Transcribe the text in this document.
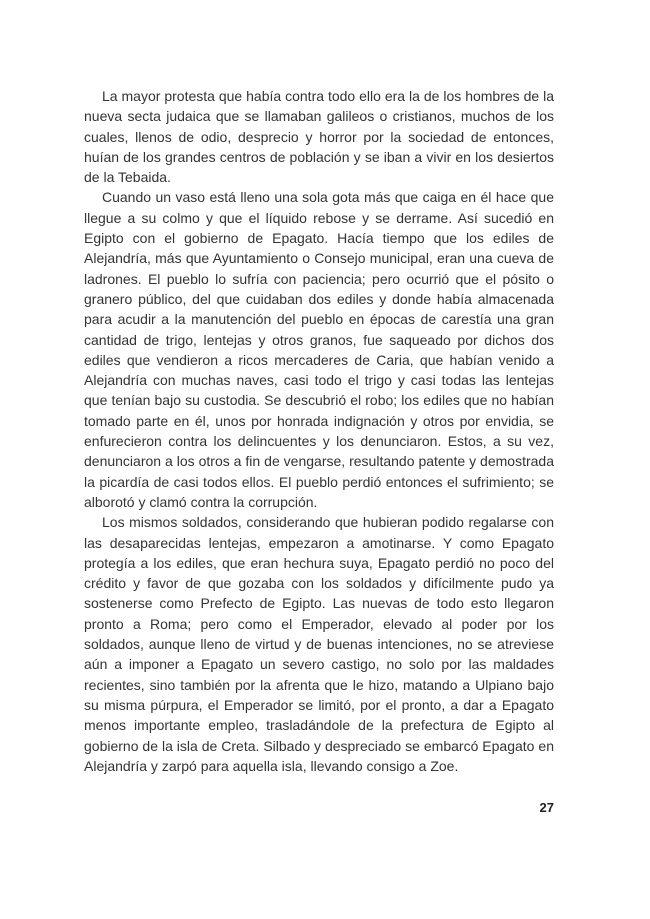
La mayor protesta que había contra todo ello era la de los hombres de la nueva secta judaica que se llamaban galileos o cristianos, muchos de los cuales, llenos de odio, desprecio y horror por la sociedad de entonces, huían de los grandes centros de población y se iban a vivir en los desiertos de la Tebaida.

Cuando un vaso está lleno una sola gota más que caiga en él hace que llegue a su colmo y que el líquido rebose y se derrame. Así sucedió en Egipto con el gobierno de Epagato. Hacía tiempo que los ediles de Alejandría, más que Ayuntamiento o Consejo municipal, eran una cueva de ladrones. El pueblo lo sufría con paciencia; pero ocurrió que el pósito o granero público, del que cuidaban dos ediles y donde había almacenada para acudir a la manutención del pueblo en épocas de carestía una gran cantidad de trigo, lentejas y otros granos, fue saqueado por dichos dos ediles que vendieron a ricos mercaderes de Caria, que habían venido a Alejandría con muchas naves, casi todo el trigo y casi todas las lentejas que tenían bajo su custodia. Se descubrió el robo; los ediles que no habían tomado parte en él, unos por honrada indignación y otros por envidia, se enfurecieron contra los delincuentes y los denunciaron. Estos, a su vez, denunciaron a los otros a fin de vengarse, resultando patente y demostrada la picardía de casi todos ellos. El pueblo perdió entonces el sufrimiento; se alborotó y clamó contra la corrupción.

Los mismos soldados, considerando que hubieran podido regalarse con las desaparecidas lentejas, empezaron a amotinarse. Y como Epagato protegía a los ediles, que eran hechura suya, Epagato perdió no poco del crédito y favor de que gozaba con los soldados y difícilmente pudo ya sostenerse como Prefecto de Egipto. Las nuevas de todo esto llegaron pronto a Roma; pero como el Emperador, elevado al poder por los soldados, aunque lleno de virtud y de buenas intenciones, no se atreviese aún a imponer a Epagato un severo castigo, no solo por las maldades recientes, sino también por la afrenta que le hizo, matando a Ulpiano bajo su misma púrpura, el Emperador se limitó, por el pronto, a dar a Epagato menos importante empleo, trasladándole de la prefectura de Egipto al gobierno de la isla de Creta. Silbado y despreciado se embarcó Epagato en Alejandría y zarpó para aquella isla, llevando consigo a Zoe.

27
